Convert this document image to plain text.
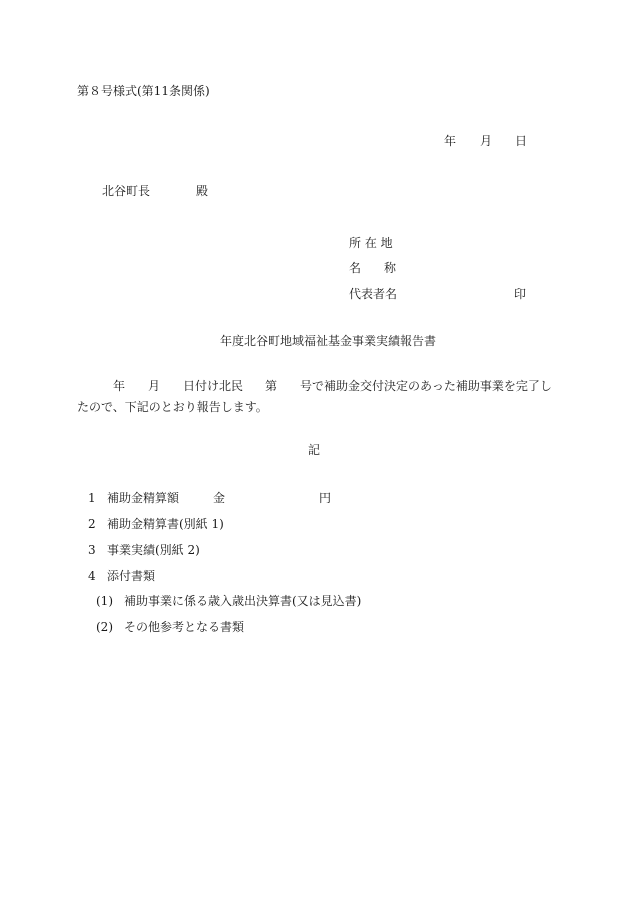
第８号様式(第11条関係)
年 月 日
北谷町長	殿
所 在 地
名 称
代表者名	印
年度北谷町地域福祉基金事業実績報告書
年 月 日付け北民 第 号で補助金交付決定のあった補助事業を完了し
たので、下記のとおり報告します。
記
1 補助金精算額	金	円
2 補助金精算書(別紙 1)
3 事業実績(別紙 2)
4 添付書類
(1) 補助事業に係る歳入歳出決算書(又は見込書)
(2) その他参考となる書類
